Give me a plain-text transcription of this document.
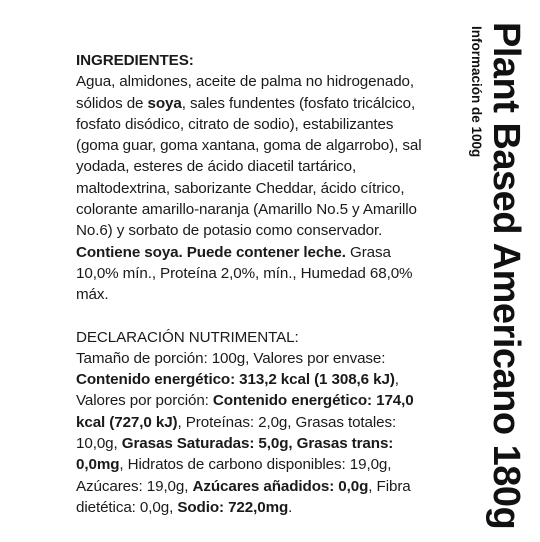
INGREDIENTES:

Agua, almidones, aceite de palma no hidrogenado, sólidos de soya, sales fundentes (fosfato tricálcico, fosfato disódico, citrato de sodio), estabilizantes (goma guar, goma xantana, goma de algarrobo), sal yodada, esteres de ácido diacetil tartárico, maltodextrina, saborizante Cheddar, ácido cítrico, colorante amarillo-naranja (Amarillo No.5 y Amarillo No.6) y sorbato de potasio como conservador. Contiene soya. Puede contener leche. Grasa 10,0% mín., Proteína 2,0%, mín., Humedad 68,0% máx.

DECLARACIÓN NUTRIMENTAL:

Tamaño de porción: 100g, Valores por envase: Contenido energético: 313,2 kcal (1 308,6 kJ), Valores por porción: Contenido energético: 174,0 kcal (727,0 kJ), Proteínas: 2,0g, Grasas totales: 10,0g, Grasas Saturadas: 5,0g, Grasas trans: 0,0mg, Hidratos de carbono disponibles: 19,0g, Azúcares: 19,0g, Azúcares añadidos: 0,0g, Fibra dietética: 0,0g, Sodio: 722,0mg.	Plant Based Americano 180g
Información de 100g
